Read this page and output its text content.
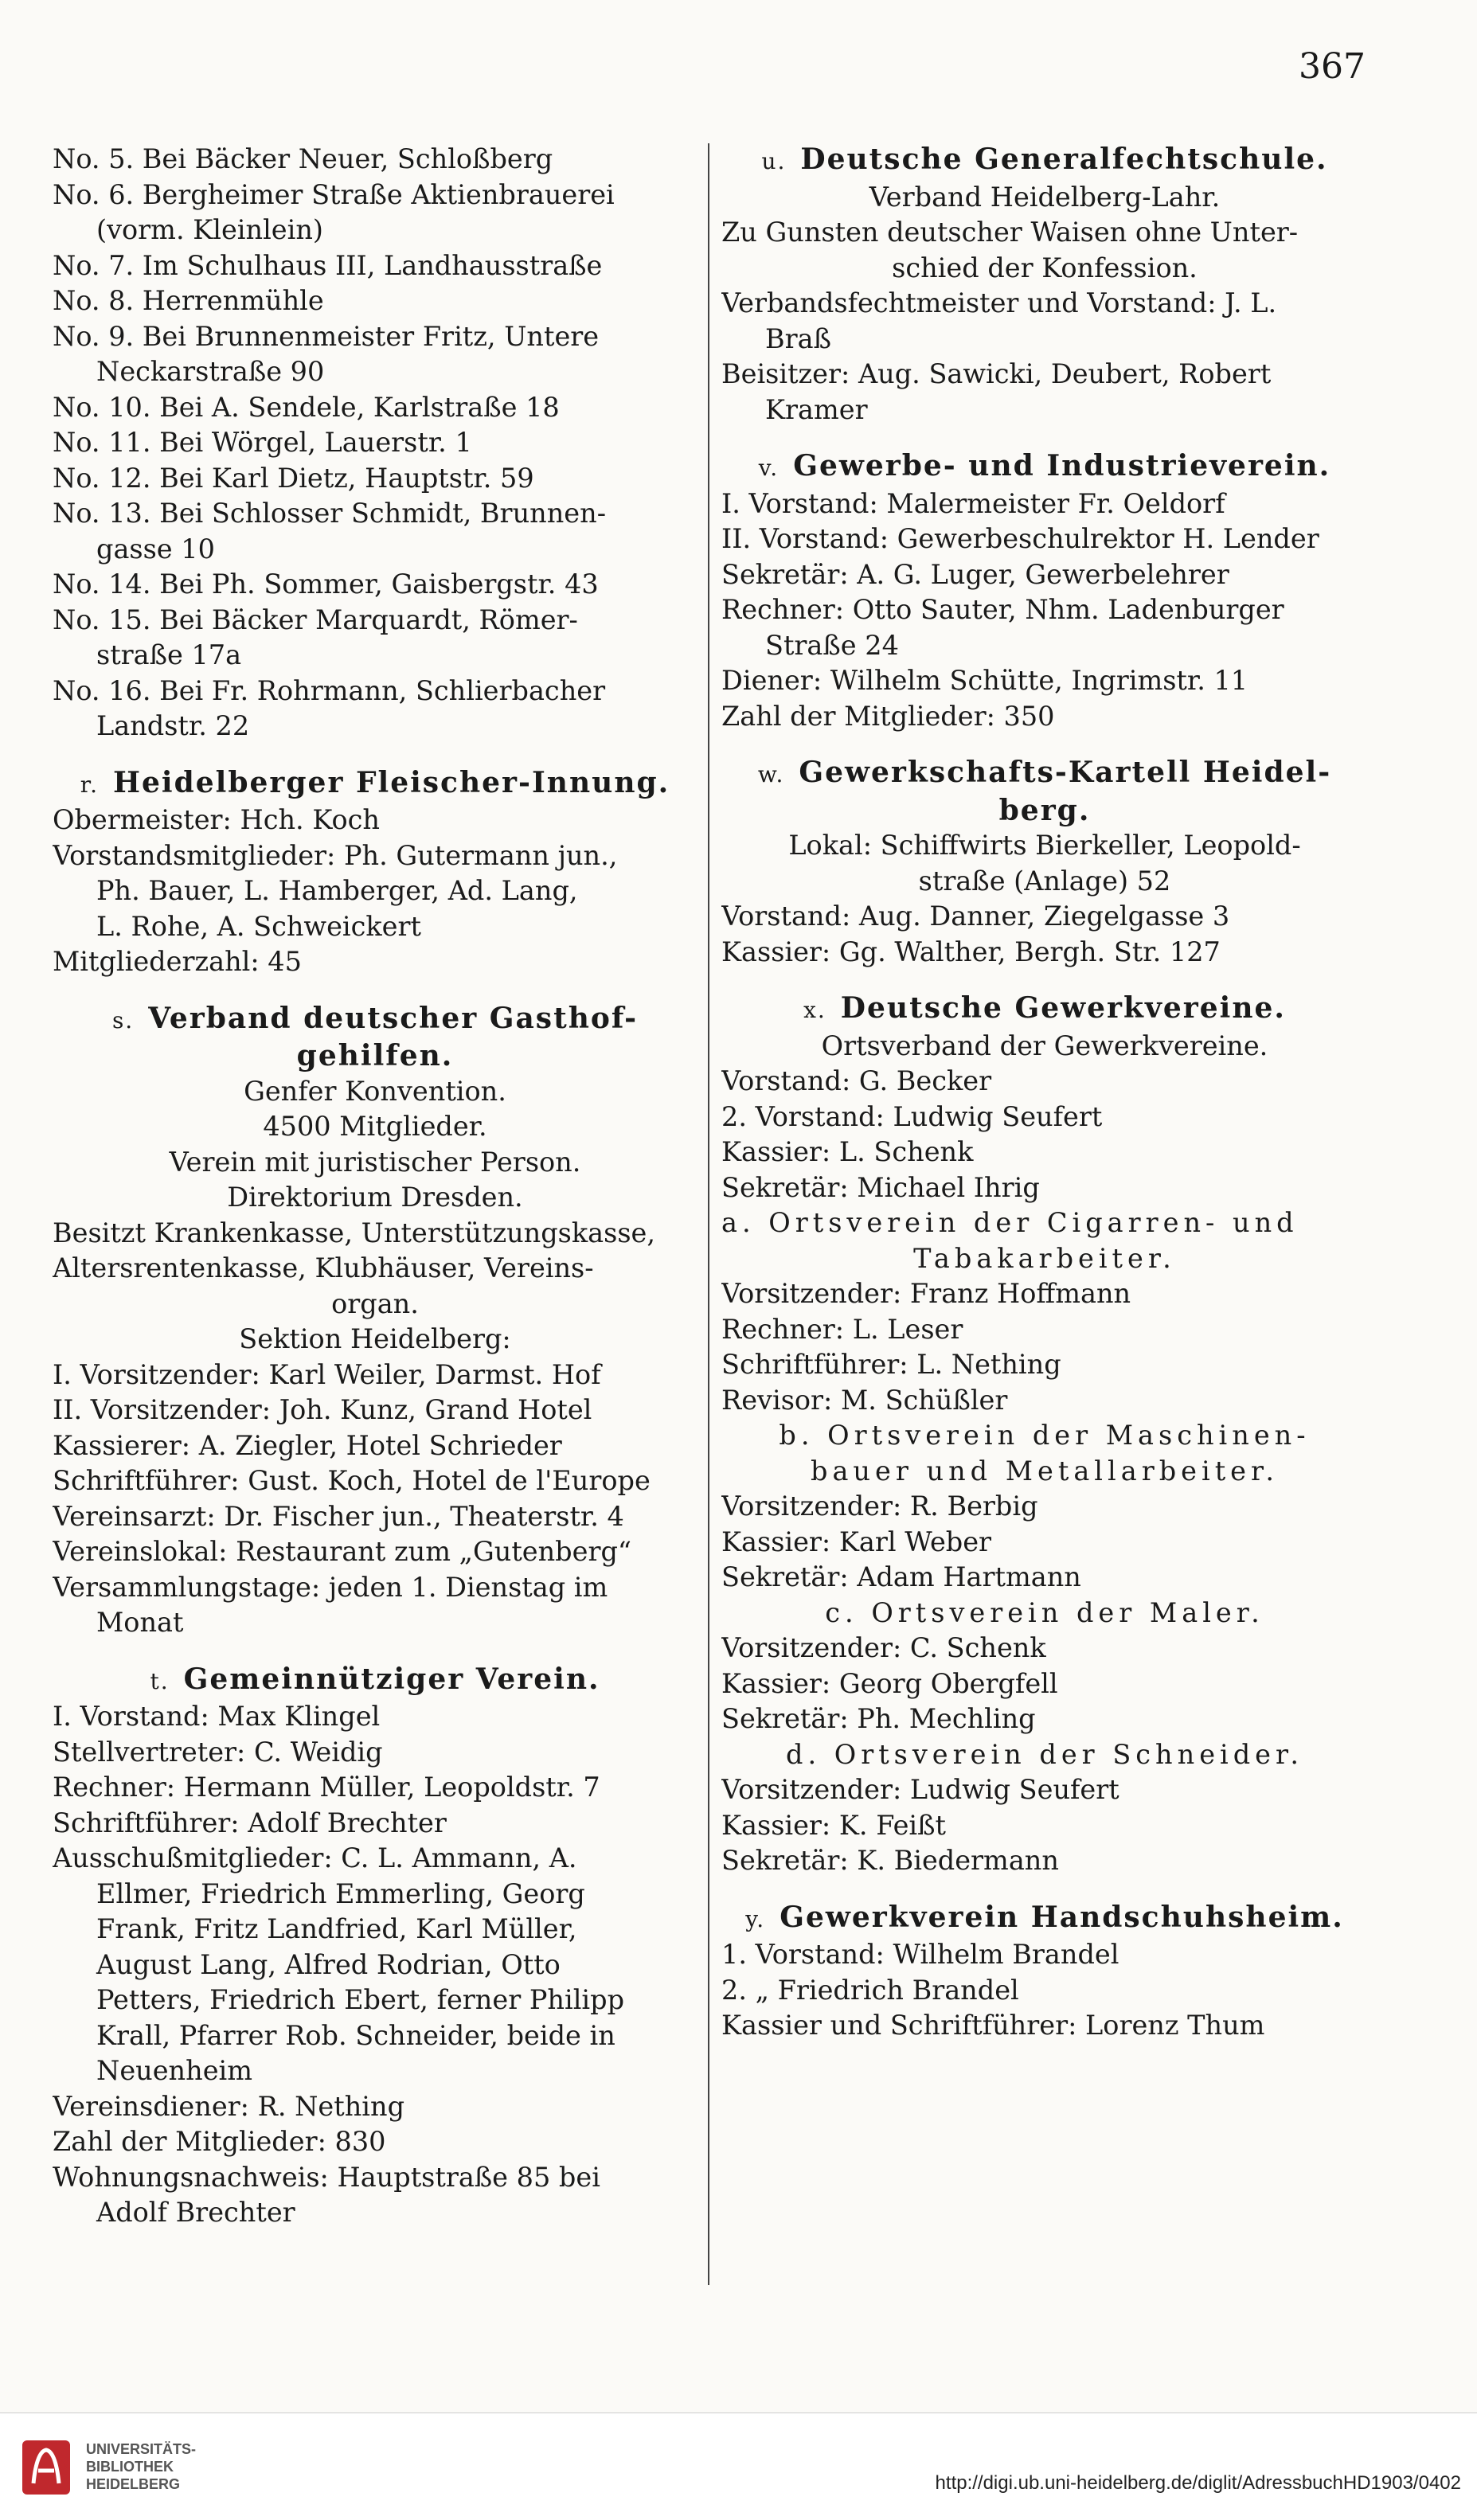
367
No. 5. Bei Bäcker Neuer, Schloßberg
No. 6. Bergheimer Straße Aktienbrauerei
(vorm. Kleinlein)
No. 7. Im Schulhaus III, Landhausstraße
No. 8. Herrenmühle
No. 9. Bei Brunnenmeister Fritz, Untere
Neckarstraße 90
No. 10. Bei A. Sendele, Karlstraße 18
No. 11. Bei Wörgel, Lauerstr. 1
No. 12. Bei Karl Dietz, Hauptstr. 59
No. 13. Bei Schlosser Schmidt, Brunnen-
gasse 10
No. 14. Bei Ph. Sommer, Gaisbergstr. 43
No. 15. Bei Bäcker Marquardt, Römer-
straße 17a
No. 16. Bei Fr. Rohrmann, Schlierbacher
Landstr. 22
r. Heidelberger Fleischer-Innung.
Obermeister: Hch. Koch
Vorstandsmitglieder: Ph. Gutermann jun.,
Ph. Bauer, L. Hamberger, Ad. Lang,
L. Rohe, A. Schweickert
Mitgliederzahl: 45
s. Verband deutscher Gasthof-
gehilfen.
Genfer Konvention.
4500 Mitglieder.
Verein mit juristischer Person.
Direktorium Dresden.
Besitzt Krankenkasse, Unterstützungskasse,
Altersrentenkasse, Klubhäuser, Vereins-
organ.
Sektion Heidelberg:
I. Vorsitzender: Karl Weiler, Darmst. Hof
II. Vorsitzender: Joh. Kunz, Grand Hotel
Kassierer: A. Ziegler, Hotel Schrieder
Schriftführer: Gust. Koch, Hotel de l'Europe
Vereinsarzt: Dr. Fischer jun., Theaterstr. 4
Vereinslokal: Restaurant zum „Gutenberg“
Versammlungstage: jeden 1. Dienstag im
Monat
t. Gemeinnütziger Verein.
I. Vorstand: Max Klingel
Stellvertreter: C. Weidig
Rechner: Hermann Müller, Leopoldstr. 7
Schriftführer: Adolf Brechter
Ausschußmitglieder: C. L. Ammann, A.
Ellmer, Friedrich Emmerling, Georg
Frank, Fritz Landfried, Karl Müller,
August Lang, Alfred Rodrian, Otto
Petters, Friedrich Ebert, ferner Philipp
Krall, Pfarrer Rob. Schneider, beide in
Neuenheim
Vereinsdiener: R. Nething
Zahl der Mitglieder: 830
Wohnungsnachweis: Hauptstraße 85 bei
Adolf Brechter
u. Deutsche Generalfechtschule.
Verband Heidelberg-Lahr.
Zu Gunsten deutscher Waisen ohne Unter-
schied der Konfession.
Verbandsfechtmeister und Vorstand: J. L.
Braß
Beisitzer: Aug. Sawicki, Deubert, Robert
Kramer
v. Gewerbe- und Industrieverein.
I. Vorstand: Malermeister Fr. Oeldorf
II. Vorstand: Gewerbeschulrektor H. Lender
Sekretär: A. G. Luger, Gewerbelehrer
Rechner: Otto Sauter, Nhm. Ladenburger
Straße 24
Diener: Wilhelm Schütte, Ingrimstr. 11
Zahl der Mitglieder: 350
w. Gewerkschafts-Kartell Heidel-
berg.
Lokal: Schiffwirts Bierkeller, Leopold-
straße (Anlage) 52
Vorstand: Aug. Danner, Ziegelgasse 3
Kassier: Gg. Walther, Bergh. Str. 127
x. Deutsche Gewerkvereine.
Ortsverband der Gewerkvereine.
Vorstand: G. Becker
2. Vorstand: Ludwig Seufert
Kassier: L. Schenk
Sekretär: Michael Ihrig
a. Ortsverein der Cigarren- und
Tabakarbeiter.
Vorsitzender: Franz Hoffmann
Rechner: L. Leser
Schriftführer: L. Nething
Revisor: M. Schüßler
b. Ortsverein der Maschinen-
bauer und Metallarbeiter.
Vorsitzender: R. Berbig
Kassier: Karl Weber
Sekretär: Adam Hartmann
c. Ortsverein der Maler.
Vorsitzender: C. Schenk
Kassier: Georg Obergfell
Sekretär: Ph. Mechling
d. Ortsverein der Schneider.
Vorsitzender: Ludwig Seufert
Kassier: K. Feißt
Sekretär: K. Biedermann
y. Gewerkverein Handschuhsheim.
1. Vorstand: Wilhelm Brandel
2. „ Friedrich Brandel
Kassier und Schriftführer: Lorenz Thum
UNIVERSITÄTS-
BIBLIOTHEK
HEIDELBERG	http://digi.ub.uni-heidelberg.de/diglit/AdressbuchHD1903/0402
